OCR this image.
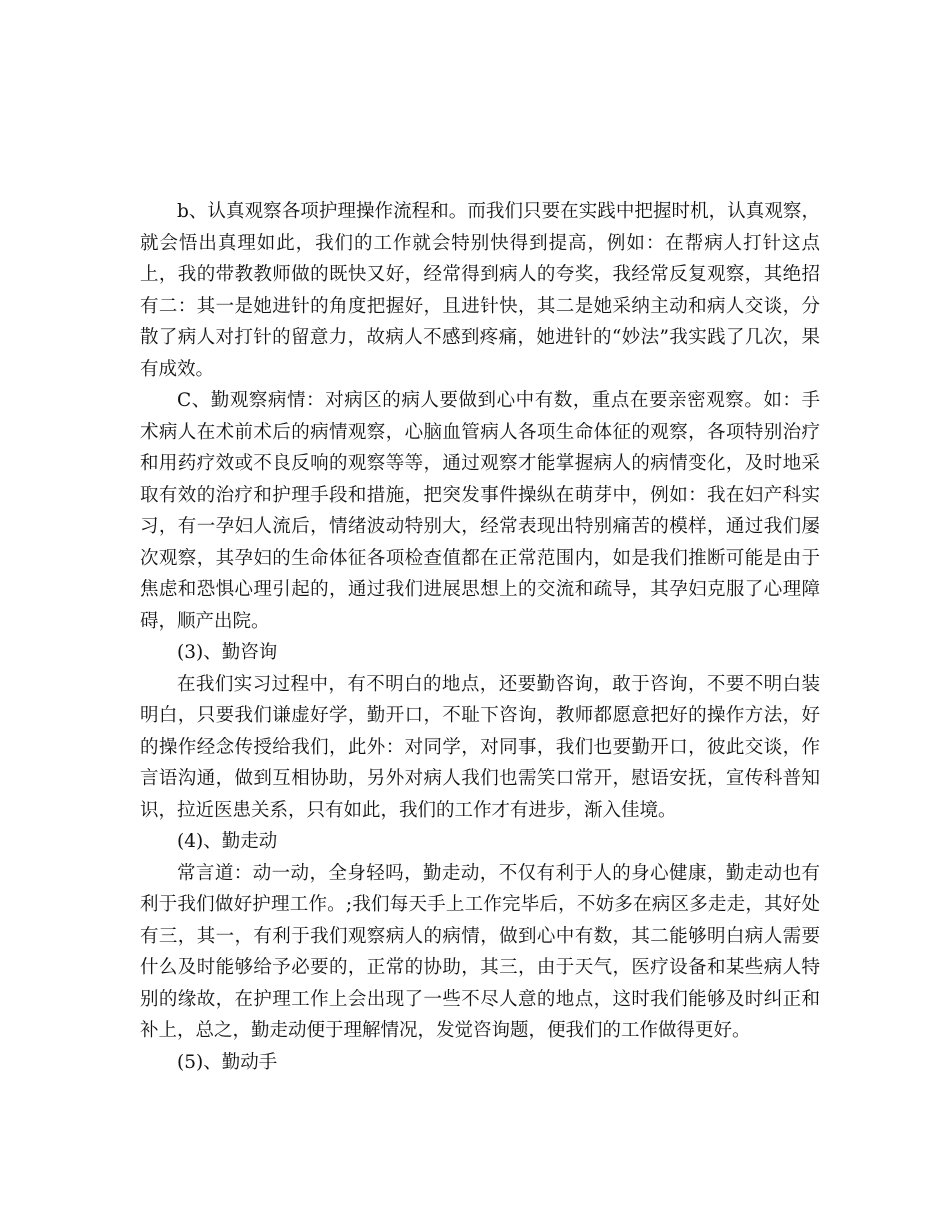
b、认真观察各项护理操作流程和。而我们只要在实践中把握时机，认真观察，就会悟出真理如此，我们的工作就会特别快得到提高，例如：在帮病人打针这点上，我的带教教师做的既快又好，经常得到病人的夸奖，我经常反复观察，其绝招有二：其一是她进针的角度把握好，且进针快，其二是她采纳主动和病人交谈，分散了病人对打针的留意力，故病人不感到疼痛，她进针的“妙法”我实践了几次，果有成效。

C、勤观察病情：对病区的病人要做到心中有数，重点在要亲密观察。如：手术病人在术前术后的病情观察，心脑血管病人各项生命体征的观察，各项特别治疗和用药疗效或不良反响的观察等等，通过观察才能掌握病人的病情变化，及时地采取有效的治疗和护理手段和措施，把突发事件操纵在萌芽中，例如：我在妇产科实习，有一孕妇人流后，情绪波动特别大，经常表现出特别痛苦的模样，通过我们屡次观察，其孕妇的生命体征各项检查值都在正常范围内，如是我们推断可能是由于焦虑和恐惧心理引起的，通过我们进展思想上的交流和疏导，其孕妇克服了心理障碍，顺产出院。

(3)、勤咨询

在我们实习过程中，有不明白的地点，还要勤咨询，敢于咨询，不要不明白装明白，只要我们谦虚好学，勤开口，不耻下咨询，教师都愿意把好的操作方法，好的操作经念传授给我们，此外：对同学，对同事，我们也要勤开口，彼此交谈，作言语沟通，做到互相协助，另外对病人我们也需笑口常开，慰语安抚，宣传科普知识，拉近医患关系，只有如此，我们的工作才有进步，渐入佳境。

(4)、勤走动

常言道：动一动，全身轻吗，勤走动，不仅有利于人的身心健康，勤走动也有利于我们做好护理工作。;我们每天手上工作完毕后，不妨多在病区多走走，其好处有三，其一，有利于我们观察病人的病情，做到心中有数，其二能够明白病人需要什么及时能够给予必要的，正常的协助，其三，由于天气，医疗设备和某些病人特别的缘故，在护理工作上会出现了一些不尽人意的地点，这时我们能够及时纠正和补上，总之，勤走动便于理解情况，发觉咨询题，便我们的工作做得更好。

(5)、勤动手
